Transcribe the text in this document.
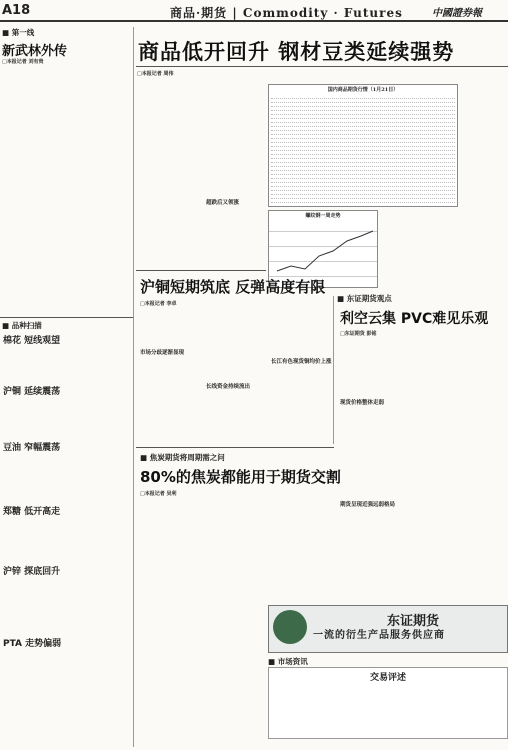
A18	商品·期货 | Commodity · Futures	中國證券報
商品低开回升 钢材豆类延续强势
■ 第一线
新武林外传
□本报记者 刘有贵
■ 品种扫描
棉花 短线观望
沪铜 延续震荡
豆油 窄幅震荡
郑糖 低开高走
沪锌 探底回升
PTA 走势偏弱
□本报记者 周伟
超跌后又领涨
国内商品期货行情（1月21日）
螺纹钢一周走势
沪铜短期筑底 反弹高度有限
□本报记者 李卓
市场分歧逐渐显现
长线资金持续流出
长江有色现货铜均价上涨
■ 东证期货观点
利空云集 PVC难见乐观
□东证期货 彭铭
现货价格整体走弱
期货呈现近强远弱格局
■ 焦炭期货将周期需之问
80%的焦炭都能用于期货交割
□本报记者 吴利
东证期货
一流的衍生产品服务供应商
■ 市场资讯
交易评述
